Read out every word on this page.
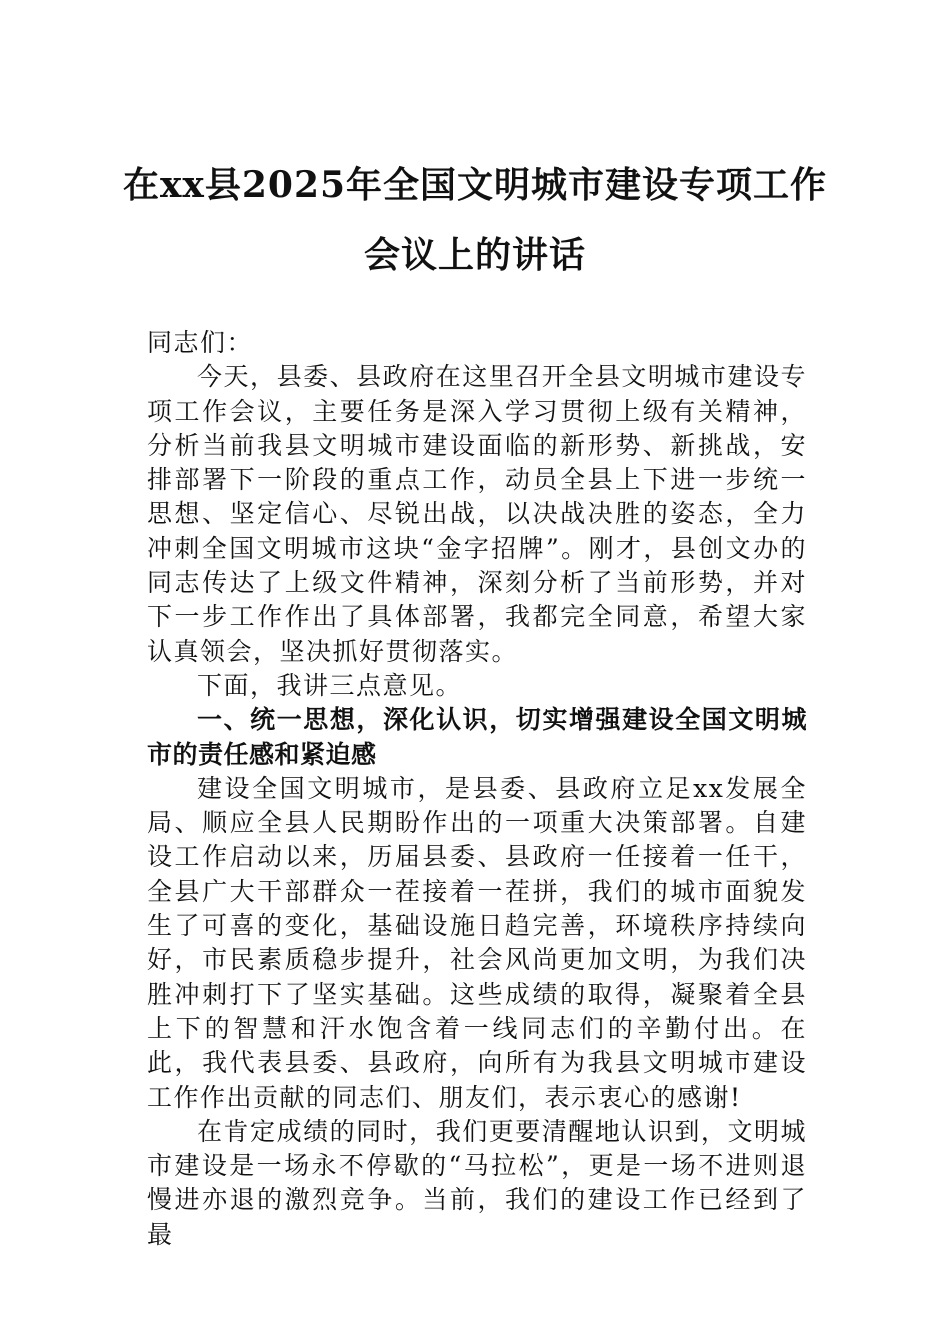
在xx县2025年全国文明城市建设专项工作

会议上的讲话

同志们：

今天，县委、县政府在这里召开全县文明城市建设专项工作会议，主要任务是深入学习贯彻上级有关精神，分析当前我县文明城市建设面临的新形势、新挑战，安排部署下一阶段的重点工作，动员全县上下进一步统一思想、坚定信心、尽锐出战，以决战决胜的姿态，全力冲刺全国文明城市这块“金字招牌”。刚才，县创文办的同志传达了上级文件精神，深刻分析了当前形势，并对下一步工作作出了具体部署，我都完全同意，希望大家认真领会，坚决抓好贯彻落实。

下面，我讲三点意见。

一、统一思想，深化认识，切实增强建设全国文明城市的责任感和紧迫感

建设全国文明城市，是县委、县政府立足xx发展全局、顺应全县人民期盼作出的一项重大决策部署。自建设工作启动以来，历届县委、县政府一任接着一任干，全县广大干部群众一茬接着一茬拼，我们的城市面貌发生了可喜的变化，基础设施日趋完善，环境秩序持续向好，市民素质稳步提升，社会风尚更加文明，为我们决胜冲刺打下了坚实基础。这些成绩的取得，凝聚着全县上下的智慧和汗水饱含着一线同志们的辛勤付出。在此，我代表县委、县政府，向所有为我县文明城市建设工作作出贡献的同志们、朋友们，表示衷心的感谢!

在肯定成绩的同时，我们更要清醒地认识到，文明城市建设是一场永不停歇的“马拉松”，更是一场不进则退慢进亦退的激烈竞争。当前，我们的建设工作已经到了最
